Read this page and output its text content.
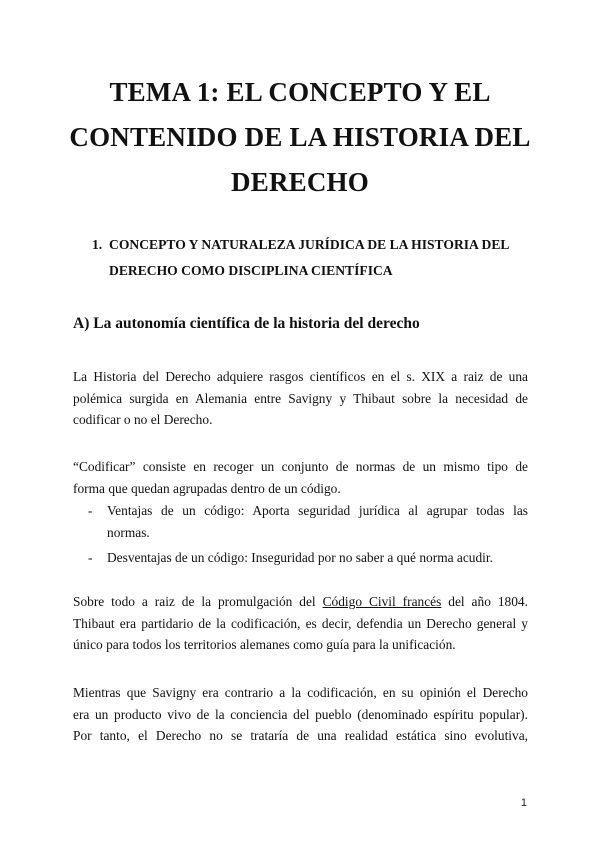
TEMA 1: EL CONCEPTO Y EL
CONTENIDO DE LA HISTORIA DEL
DERECHO
1. CONCEPTO Y NATURALEZA JURÍDICA DE LA HISTORIA DEL
DERECHO COMO DISCIPLINA CIENTÍFICA
A) La autonomía científica de la historia del derecho
La Historia del Derecho adquiere rasgos científicos en el s. XIX a raiz de una
polémica surgida en Alemania entre Savigny y Thibaut sobre la necesidad de
codificar o no el Derecho.
“Codificar” consiste en recoger un conjunto de normas de un mismo tipo de
forma que quedan agrupadas dentro de un código.
- Ventajas de un código: Aporta seguridad jurídica al agrupar todas las
normas.
- Desventajas de un código: Inseguridad por no saber a qué norma acudir.
Sobre todo a raiz de la promulgación del Código Civil francés del año 1804.
Thibaut era partidario de la codificación, es decir, defendia un Derecho general y
único para todos los territorios alemanes como guía para la unificación.
Mientras que Savigny era contrario a la codificación, en su opinión el Derecho
era un producto vivo de la conciencia del pueblo (denominado espíritu popular).
Por tanto, el Derecho no se trataría de una realidad estática sino evolutiva,
1
